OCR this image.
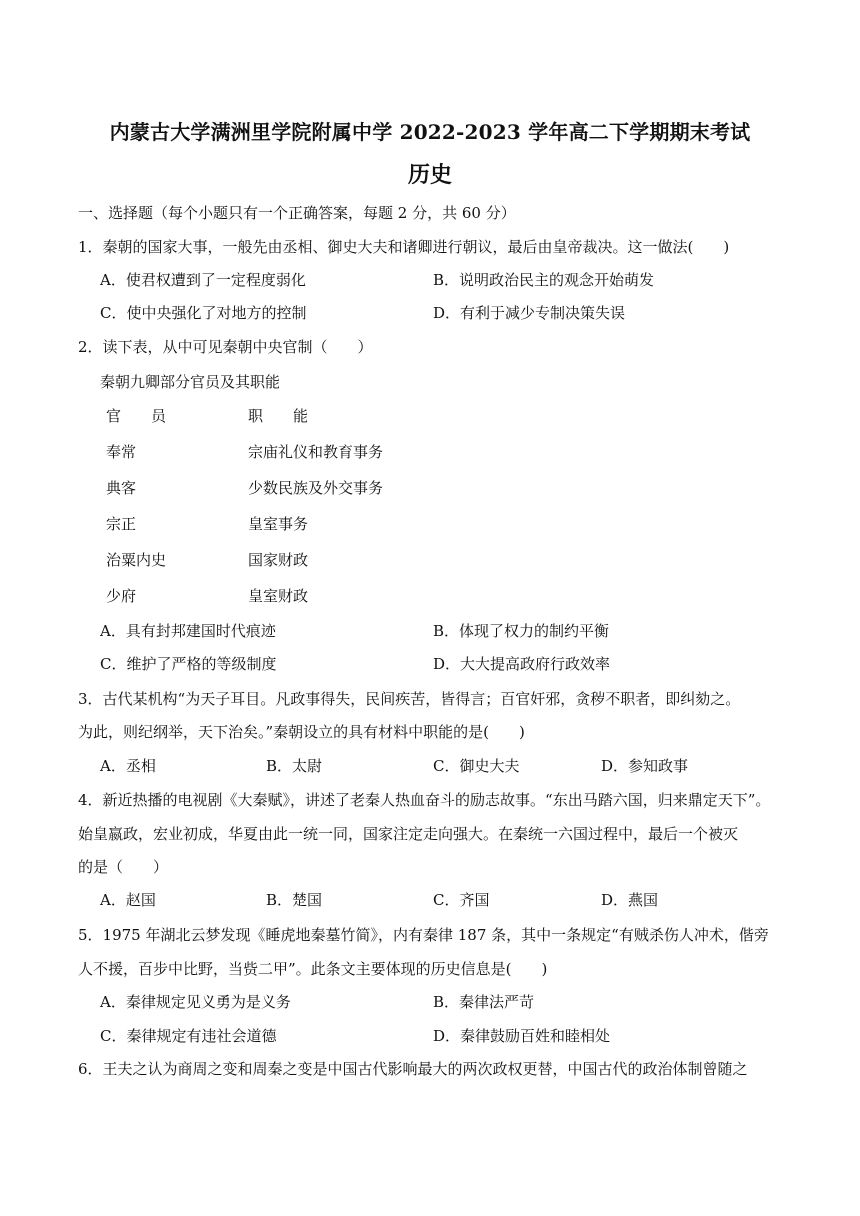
内蒙古大学满洲里学院附属中学 2022-2023 学年高二下学期期末考试
历史
一、选择题（每个小题只有一个正确答案，每题 2 分，共 60 分）
1．秦朝的国家大事，一般先由丞相、御史大夫和诸卿进行朝议，最后由皇帝裁决。这一做法(　　)
A．使君权遭到了一定程度弱化	B．说明政治民主的观念开始萌发
C．使中央强化了对地方的控制	D．有利于减少专制决策失误
2．读下表，从中可见秦朝中央官制（　　）
秦朝九卿部分官员及其职能
官　　员	职　　能
奉常	宗庙礼仪和教育事务
典客	少数民族及外交事务
宗正	皇室事务
治粟内史	国家财政
少府	皇室财政
A．具有封邦建国时代痕迹	B．体现了权力的制约平衡
C．维护了严格的等级制度	D．大大提高政府行政效率
3．古代某机构“为天子耳目。凡政事得失，民间疾苦，皆得言；百官奸邪，贪秽不职者，即纠劾之。
为此，则纪纲举，天下治矣。”秦朝设立的具有材料中职能的是(　　)
A．丞相	B．太尉	C．御史大夫	D．参知政事
4．新近热播的电视剧《大秦赋》，讲述了老秦人热血奋斗的励志故事。“东出马踏六国，归来鼎定天下”。
始皇嬴政，宏业初成，华夏由此一统一同，国家注定走向强大。在秦统一六国过程中，最后一个被灭
的是（　　）
A．赵国	B．楚国	C．齐国	D．燕国
5．1975 年湖北云梦发现《睡虎地秦墓竹简》，内有秦律 187 条，其中一条规定“有贼杀伤人冲术，偕旁
人不援，百步中比野，当赀二甲”。此条文主要体现的历史信息是(　　)
A．秦律规定见义勇为是义务	B．秦律法严苛
C．秦律规定有违社会道德	D．秦律鼓励百姓和睦相处
6．王夫之认为商周之变和周秦之变是中国古代影响最大的两次政权更替，中国古代的政治体制曾随之
